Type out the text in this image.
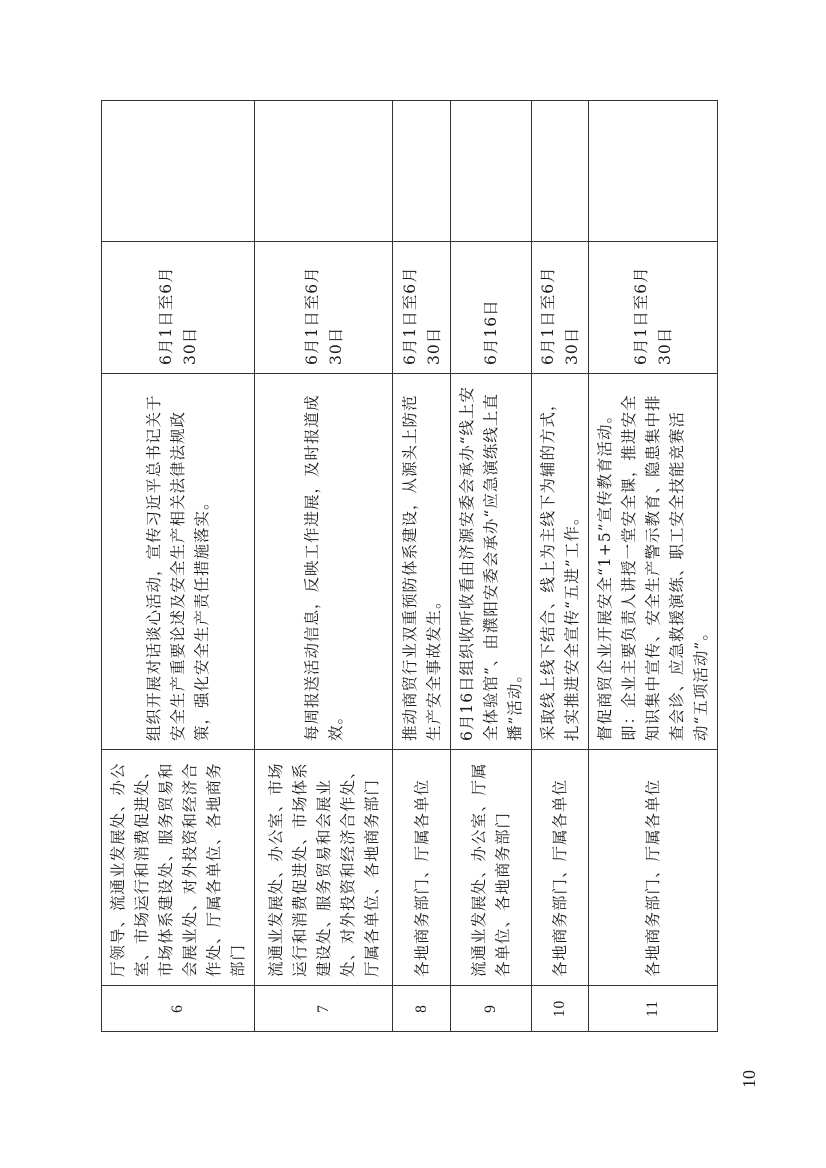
6	厅领导、流通业发展处、办公室、市场运行和消费促进处、市场体系建设处、服务贸易和会展业处、对外投资和经济合作处、厅属各单位、各地商务部门	组织开展对话谈心活动，宣传习近平总书记关于安全生产重要论述及安全生产相关法律法规政策，强化安全生产责任措施落实。	6月1日至6月30日	
7	流通业发展处、办公室、市场运行和消费促进处、市场体系建设处、服务贸易和会展业处、对外投资和经济合作处、厅属各单位、各地商务部门	每周报送活动信息，反映工作进展，及时报道成效。	6月1日至6月30日	
8	各地商务部门、厅属各单位	推动商贸行业双重预防体系建设，从源头上防范生产安全事故发生。	6月1日至6月30日	
9	流通业发展处、办公室、厅属各单位、各地商务部门	6月16日组织收听收看由济源安委会承办“线上安全体验馆”、由濮阳安委会承办“应急演练线上直播”活动。	6月16日	
10	各地商务部门、厅属各单位	采取线上线下结合、线上为主线下为辅的方式，扎实推进安全宣传“五进”工作。	6月1日至6月30日	
11	各地商务部门、厅属各单位	督促商贸企业开展安全“1+5”宣传教育活动。即：企业主要负责人讲授一堂安全课，推进安全知识集中宣传、安全生产警示教育、隐患集中排查会诊、应急救援演练、职工安全技能竞赛活动“五项活动”。	6月1日至6月30日	
10
